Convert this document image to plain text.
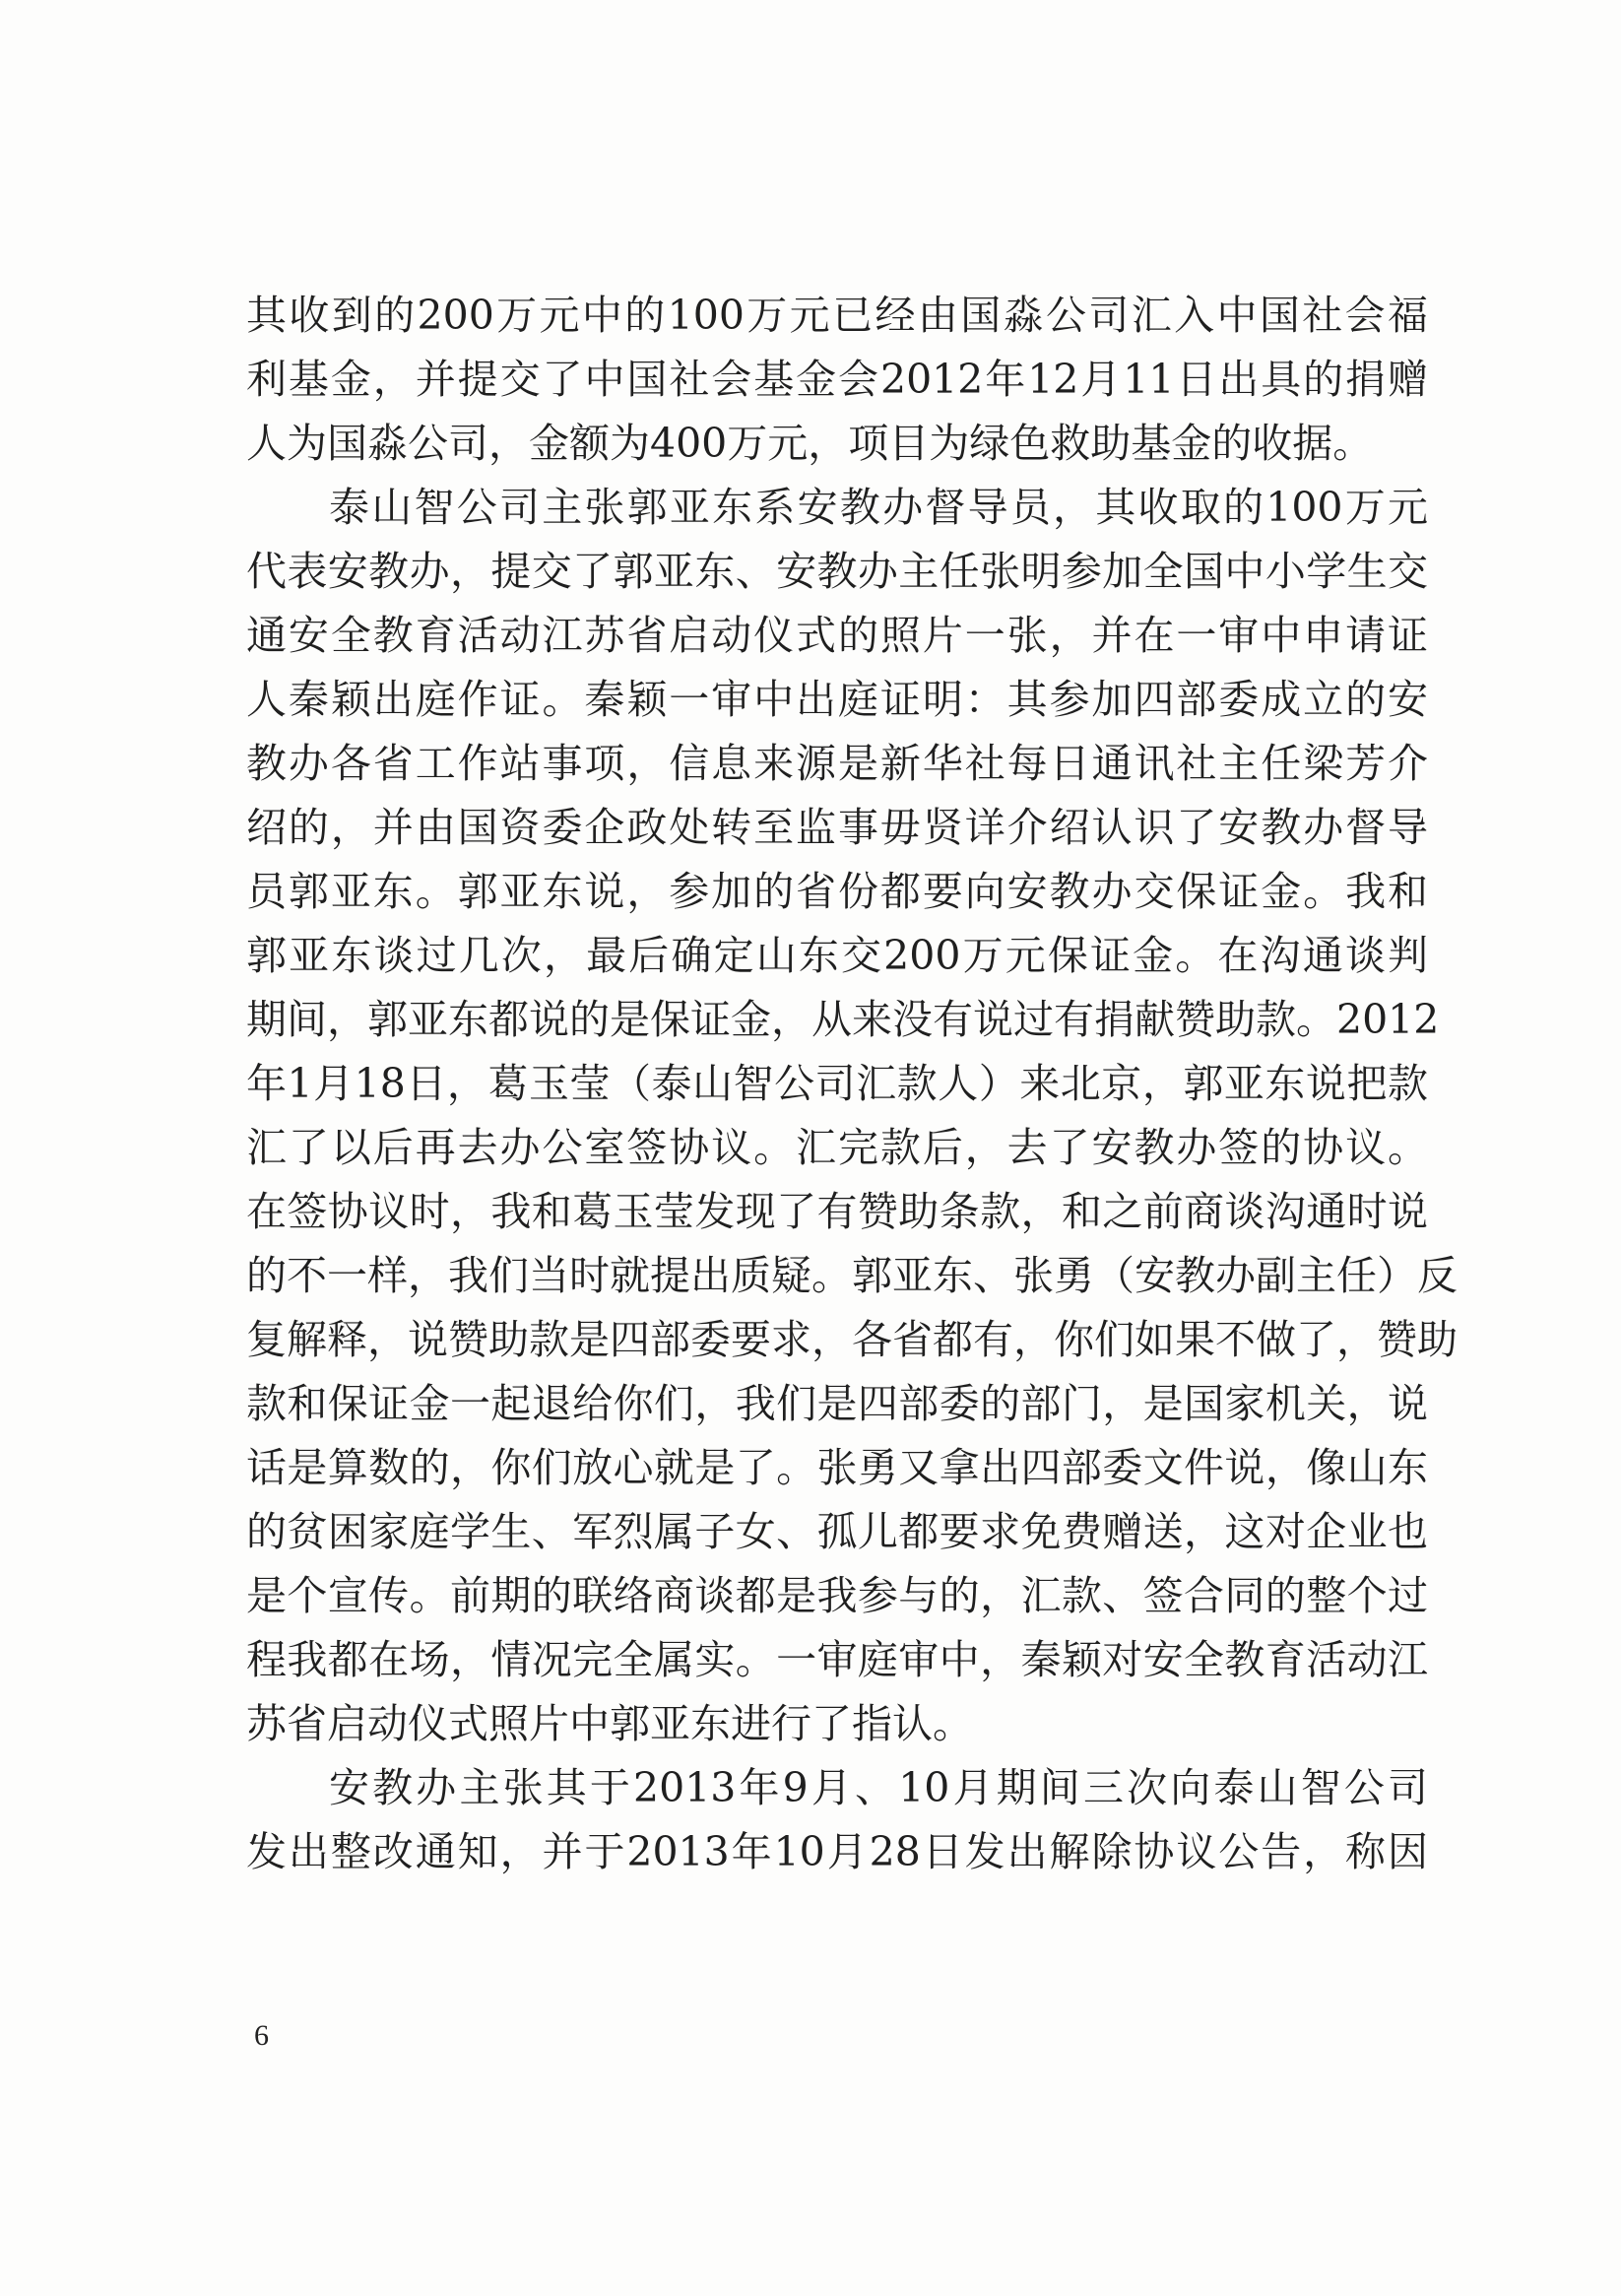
其收到的200万元中的100万元已经由国淼公司汇入中国社会福
利基金，并提交了中国社会基金会2012年12月11日出具的捐赠
人为国淼公司，金额为400万元，项目为绿色救助基金的收据。
泰山智公司主张郭亚东系安教办督导员，其收取的100万元
代表安教办，提交了郭亚东、安教办主任张明参加全国中小学生交
通安全教育活动江苏省启动仪式的照片一张，并在一审中申请证
人秦颖出庭作证。秦颖一审中出庭证明：其参加四部委成立的安
教办各省工作站事项，信息来源是新华社每日通讯社主任梁芳介
绍的，并由国资委企政处转至监事毋贤详介绍认识了安教办督导
员郭亚东。郭亚东说，参加的省份都要向安教办交保证金。我和
郭亚东谈过几次，最后确定山东交200万元保证金。在沟通谈判
期间，郭亚东都说的是保证金，从来没有说过有捐献赞助款。2012
年1月18日，葛玉莹（泰山智公司汇款人）来北京，郭亚东说把款
汇了以后再去办公室签协议。汇完款后，去了安教办签的协议。
在签协议时，我和葛玉莹发现了有赞助条款，和之前商谈沟通时说
的不一样，我们当时就提出质疑。郭亚东、张勇（安教办副主任）反
复解释，说赞助款是四部委要求，各省都有，你们如果不做了，赞助
款和保证金一起退给你们，我们是四部委的部门，是国家机关，说
话是算数的，你们放心就是了。张勇又拿出四部委文件说，像山东
的贫困家庭学生、军烈属子女、孤儿都要求免费赠送，这对企业也
是个宣传。前期的联络商谈都是我参与的，汇款、签合同的整个过
程我都在场，情况完全属实。一审庭审中，秦颖对安全教育活动江
苏省启动仪式照片中郭亚东进行了指认。
安教办主张其于2013年9月、10月期间三次向泰山智公司
发出整改通知，并于2013年10月28日发出解除协议公告，称因
6
